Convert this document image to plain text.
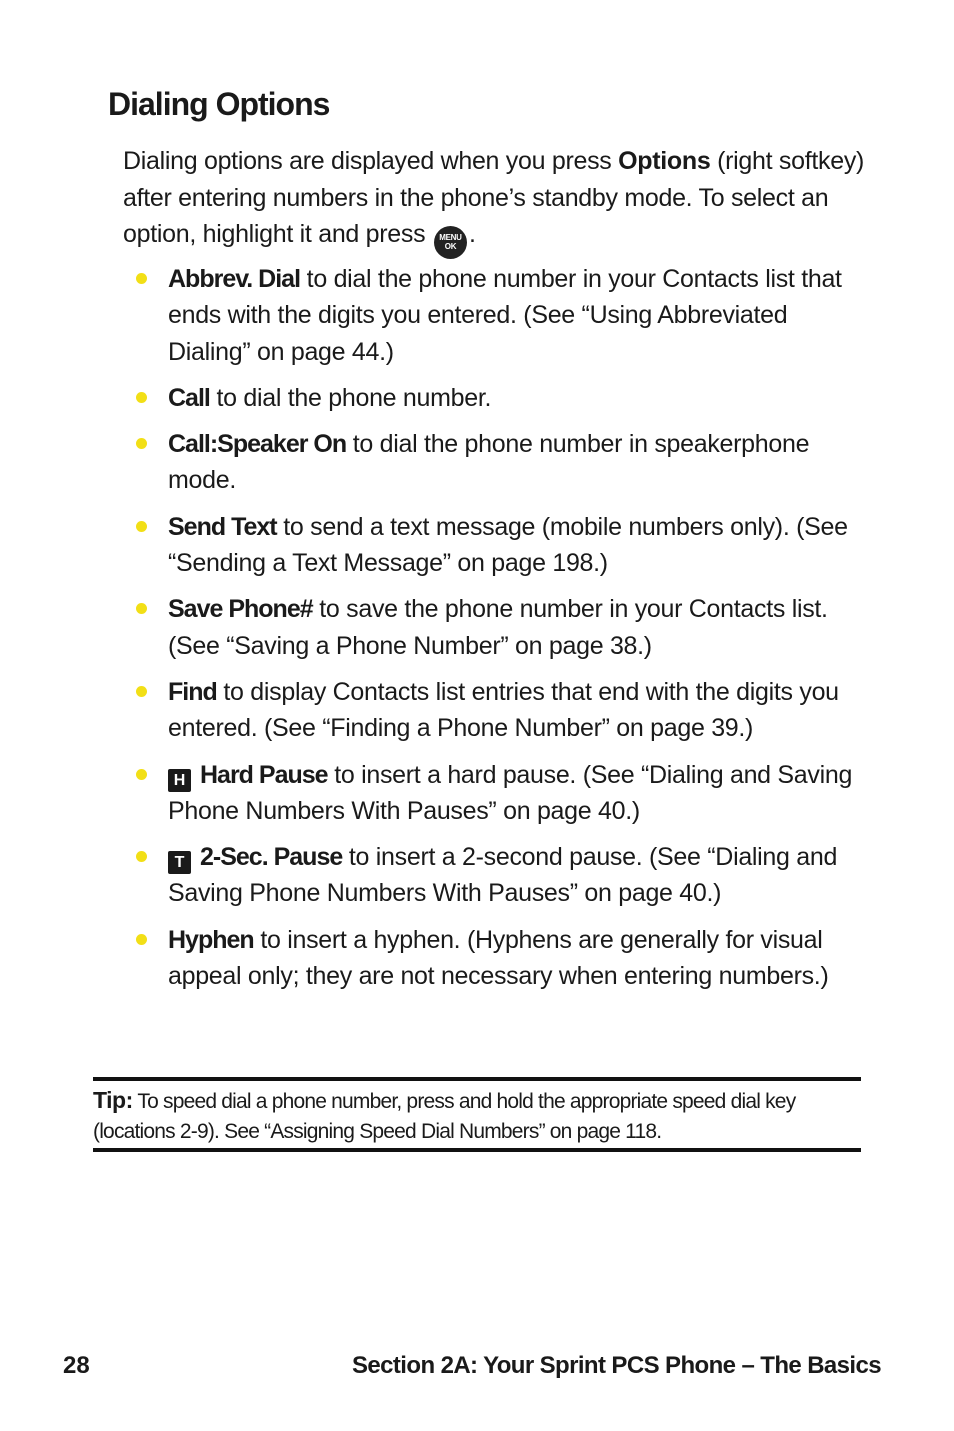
Dialing Options

Dialing options are displayed when you press Options (right softkey) after entering numbers in the phone’s standby mode. To select an option, highlight it and press MENU
OK .

Abbrev. Dial to dial the phone number in your Contacts list that ends with the digits you entered. (See “Using Abbreviated Dialing” on page 44.)
Call to dial the phone number.
Call:Speaker On to dial the phone number in speakerphone mode.
Send Text to send a text message (mobile numbers only). (See “Sending a Text Message” on page 198.)
Save Phone# to save the phone number in your Contacts list. (See “Saving a Phone Number” on page 38.)
Find to display Contacts list entries that end with the digits you entered. (See “Finding a Phone Number” on page 39.)
H Hard Pause to insert a hard pause. (See “Dialing and Saving Phone Numbers With Pauses” on page 40.)
T 2-Sec. Pause to insert a 2-second pause. (See “Dialing and Saving Phone Numbers With Pauses” on page 40.)
Hyphen to insert a hyphen. (Hyphens are generally for visual appeal only; they are not necessary when entering numbers.)

Tip: To speed dial a phone number, press and hold the appropriate speed dial key (locations 2-9). See “Assigning Speed Dial Numbers” on page 118.

28	Section 2A: Your Sprint PCS Phone – The Basics
